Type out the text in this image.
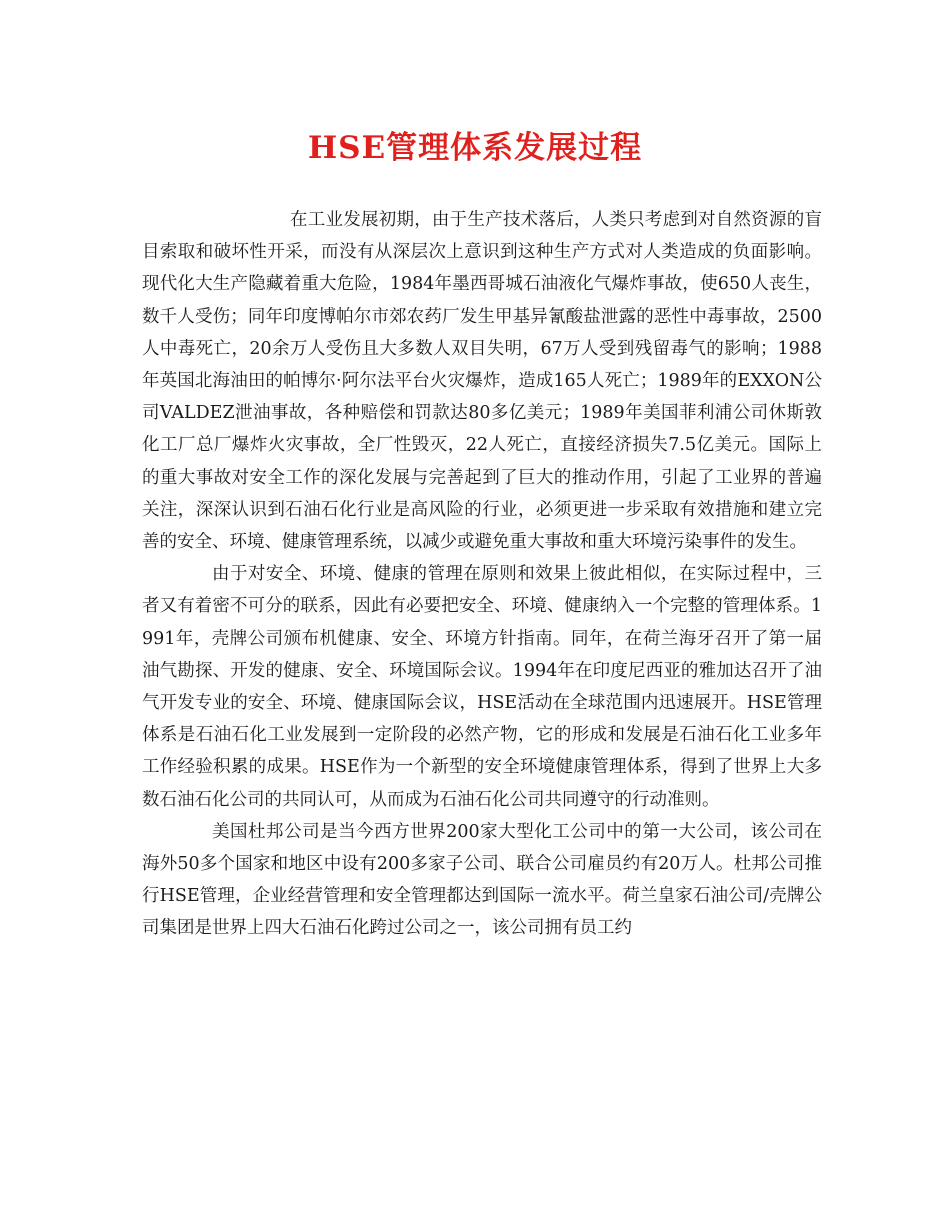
HSE管理体系发展过程

在工业发展初期，由于生产技术落后，人类只考虑到对自然资源的盲目索取和破坏性开采，而没有从深层次上意识到这种生产方式对人类造成的负面影响。现代化大生产隐藏着重大危险，1984年墨西哥城石油液化气爆炸事故，使650人丧生，数千人受伤；同年印度博帕尔市郊农药厂发生甲基异氰酸盐泄露的恶性中毒事故，2500人中毒死亡，20余万人受伤且大多数人双目失明，67万人受到残留毒气的影响；1988年英国北海油田的帕博尔·阿尔法平台火灾爆炸，造成165人死亡；1989年的EXXON公司VALDEZ泄油事故，各种赔偿和罚款达80多亿美元；1989年美国菲利浦公司休斯敦化工厂总厂爆炸火灾事故，全厂性毁灭，22人死亡，直接经济损失7.5亿美元。国际上的重大事故对安全工作的深化发展与完善起到了巨大的推动作用，引起了工业界的普遍关注，深深认识到石油石化行业是高风险的行业，必须更进一步采取有效措施和建立完善的安全、环境、健康管理系统，以减少或避免重大事故和重大环境污染事件的发生。

由于对安全、环境、健康的管理在原则和效果上彼此相似，在实际过程中，三者又有着密不可分的联系，因此有必要把安全、环境、健康纳入一个完整的管理体系。1991年，壳牌公司颁布机健康、安全、环境方针指南。同年，在荷兰海牙召开了第一届油气勘探、开发的健康、安全、环境国际会议。1994年在印度尼西亚的雅加达召开了油气开发专业的安全、环境、健康国际会议，HSE活动在全球范围内迅速展开。HSE管理体系是石油石化工业发展到一定阶段的必然产物，它的形成和发展是石油石化工业多年工作经验积累的成果。HSE作为一个新型的安全环境健康管理体系，得到了世界上大多数石油石化公司的共同认可，从而成为石油石化公司共同遵守的行动准则。

美国杜邦公司是当今西方世界200家大型化工公司中的第一大公司，该公司在海外50多个国家和地区中设有200多家子公司、联合公司雇员约有20万人。杜邦公司推行HSE管理，企业经营管理和安全管理都达到国际一流水平。荷兰皇家石油公司/壳牌公司集团是世界上四大石油石化跨过公司之一，该公司拥有员工约
